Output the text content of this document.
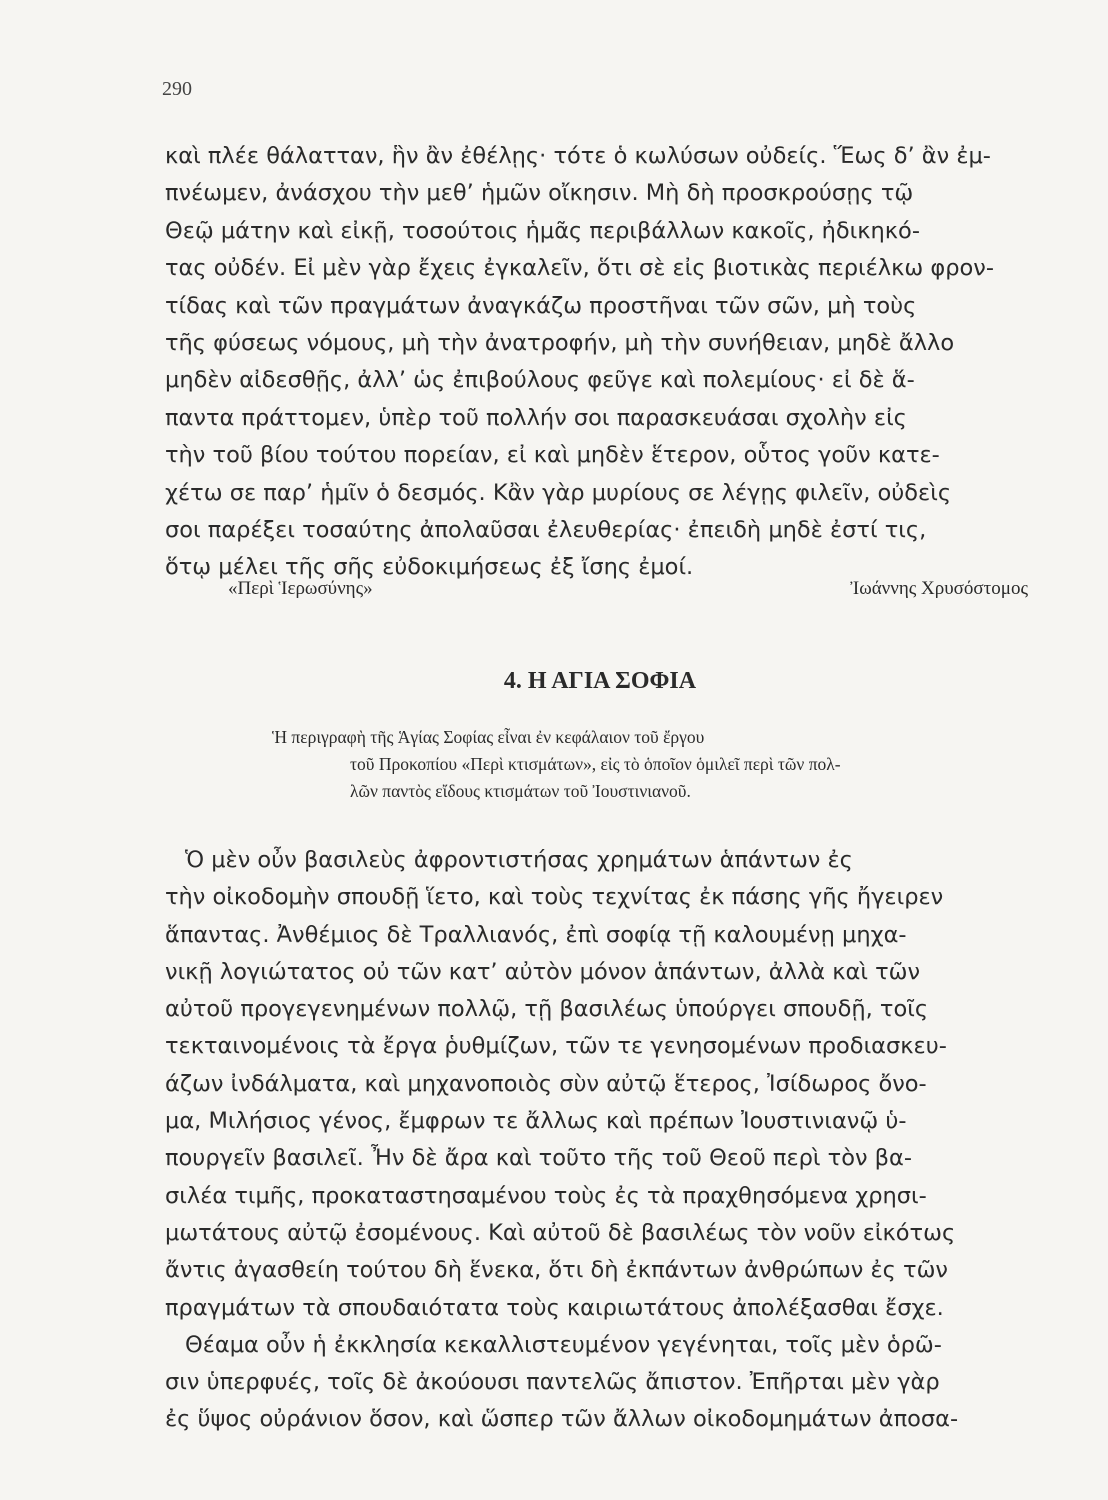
290
καὶ πλέε θάλατταν, ἣν ἂν ἐθέλῃς· τότε ὁ κωλύσων οὐδείς. Ἕως δ’ ἂν ἐμ-
πνέωμεν, ἀνάσχου τὴν μεθ’ ἡμῶν οἴκησιν. Μὴ δὴ προσκρούσῃς τῷ
Θεῷ μάτην καὶ εἰκῇ, τοσούτοις ἡμᾶς περιβάλλων κακοῖς, ἠδικηκό-
τας οὐδέν. Εἰ μὲν γὰρ ἔχεις ἐγκαλεῖν, ὅτι σὲ εἰς βιοτικὰς περιέλκω φρον-
τίδας καὶ τῶν πραγμάτων ἀναγκάζω προστῆναι τῶν σῶν, μὴ τοὺς
τῆς φύσεως νόμους, μὴ τὴν ἀνατροφήν, μὴ τὴν συνήθειαν, μηδὲ ἄλλο
μηδὲν αἰδεσθῇς, ἀλλ’ ὡς ἐπιβούλους φεῦγε καὶ πολεμίους· εἰ δὲ ἅ-
παντα πράττομεν, ὑπὲρ τοῦ πολλήν σοι παρασκευάσαι σχολὴν εἰς
τὴν τοῦ βίου τούτου πορείαν, εἰ καὶ μηδὲν ἕτερον, οὗτος γοῦν κατε-
χέτω σε παρ’ ἡμῖν ὁ δεσμός. Κἂν γὰρ μυρίους σε λέγῃς φιλεῖν, οὐδεὶς
σοι παρέξει τοσαύτης ἀπολαῦσαι ἐλευθερίας· ἐπειδὴ μηδὲ ἐστί τις,
ὅτῳ μέλει τῆς σῆς εὐδοκιμήσεως ἐξ ἴσης ἐμοί.
«Περὶ Ἱερωσύνης»	Ἰωάννης Χρυσόστομος
4. Η ΑΓΙΑ ΣΟΦΙΑ
Ἡ περιγραφὴ τῆς Ἁγίας Σοφίας εἶναι ἐν κεφάλαιον τοῦ ἔργου
τοῦ Προκοπίου «Περὶ κτισμάτων», εἰς τὸ ὁποῖον ὁμιλεῖ περὶ τῶν πολ-
λῶν παντὸς εἴδους κτισμάτων τοῦ Ἰουστινιανοῦ.
Ὁ μὲν οὖν βασιλεὺς ἀφροντιστήσας χρημάτων ἁπάντων ἐς
τὴν οἰκοδομὴν σπουδῇ ἵετο, καὶ τοὺς τεχνίτας ἐκ πάσης γῆς ἤγειρεν
ἅπαντας. Ἀνθέμιος δὲ Τραλλιανός, ἐπὶ σοφίᾳ τῇ καλουμένῃ μηχα-
νικῇ λογιώτατος οὐ τῶν κατ’ αὐτὸν μόνον ἁπάντων, ἀλλὰ καὶ τῶν
αὐτοῦ προγεγενημένων πολλῷ, τῇ βασιλέως ὑπούργει σπουδῇ, τοῖς
τεκταινομένοις τὰ ἔργα ῥυθμίζων, τῶν τε γενησομένων προδιασκευ-
άζων ἰνδάλματα, καὶ μηχανοποιὸς σὺν αὐτῷ ἕτερος, Ἰσίδωρος ὄνο-
μα, Μιλήσιος γένος, ἔμφρων τε ἄλλως καὶ πρέπων Ἰουστινιανῷ ὑ-
πουργεῖν βασιλεῖ. Ἦν δὲ ἄρα καὶ τοῦτο τῆς τοῦ Θεοῦ περὶ τὸν βα-
σιλέα τιμῆς, προκαταστησαμένου τοὺς ἐς τὰ πραχθησόμενα χρησι-
μωτάτους αὐτῷ ἐσομένους. Καὶ αὐτοῦ δὲ βασιλέως τὸν νοῦν εἰκότως
ἄντις ἀγασθείη τούτου δὴ ἕνεκα, ὅτι δὴ ἐκπάντων ἀνθρώπων ἐς τῶν
πραγμάτων τὰ σπουδαιότατα τοὺς καιριωτάτους ἀπολέξασθαι ἔσχε.
Θέαμα οὖν ἡ ἐκκλησία κεκαλλιστευμένον γεγένηται, τοῖς μὲν ὁρῶ-
σιν ὑπερφυές, τοῖς δὲ ἀκούουσι παντελῶς ἄπιστον. Ἐπῆρται μὲν γὰρ
ἐς ὕψος οὐράνιον ὅσον, καὶ ὥσπερ τῶν ἄλλων οἰκοδομημάτων ἀποσα-
